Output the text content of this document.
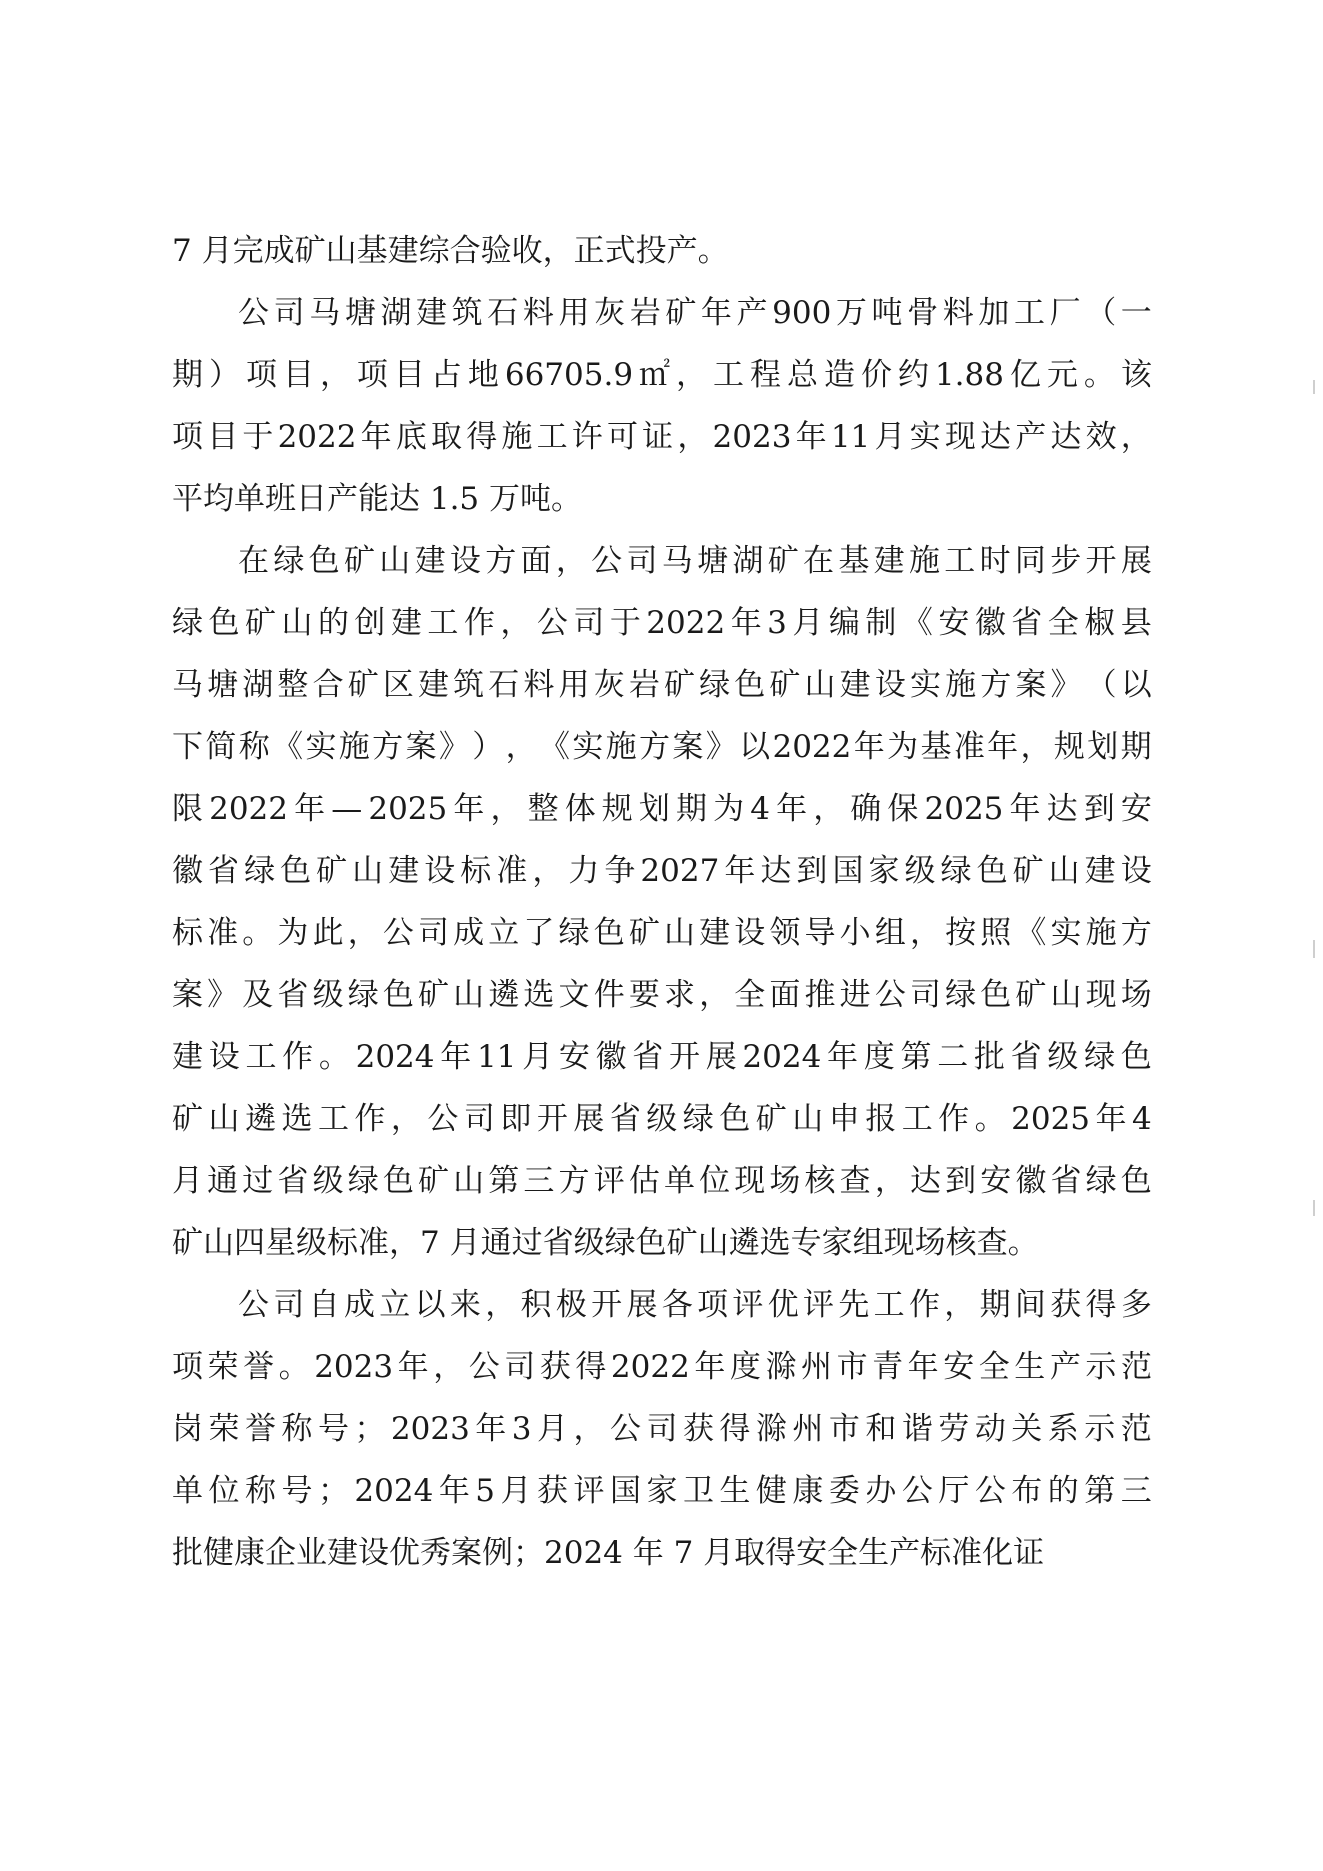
7 月完成矿山基建综合验收，正式投产。
公 司 马 塘 湖 建 筑 石 料 用 灰 岩 矿 年 产 900 万 吨 骨 料 加 工 厂 （ 一
期 ） 项 目 ， 项 目 占 地 66705.9 ㎡ ， 工 程 总 造 价 约 1.88 亿 元 。 该
项 目 于 2022 年 底 取 得 施 工 许 可 证 ， 2023 年 11 月 实 现 达 产 达 效 ，
平均单班日产能达 1.5 万吨。
在 绿 色 矿 山 建 设 方 面 ， 公 司 马 塘 湖 矿 在 基 建 施 工 时 同 步 开 展
绿 色 矿 山 的 创 建 工 作 ， 公 司 于 2022 年 3 月 编 制 《 安 徽 省 全 椒 县
马 塘 湖 整 合 矿 区 建 筑 石 料 用 灰 岩 矿 绿 色 矿 山 建 设 实 施 方 案 》 （ 以
下 简 称 《 实 施 方 案 》 ） ， 《 实 施 方 案 》 以 2022 年 为 基 准 年 ， 规 划 期
限 2022 年 — 2025 年 ， 整 体 规 划 期 为 4 年 ， 确 保 2025 年 达 到 安
徽 省 绿 色 矿 山 建 设 标 准 ， 力 争 2027 年 达 到 国 家 级 绿 色 矿 山 建 设
标 准 。 为 此 ， 公 司 成 立 了 绿 色 矿 山 建 设 领 导 小 组 ， 按 照 《 实 施 方
案 》 及 省 级 绿 色 矿 山 遴 选 文 件 要 求 ， 全 面 推 进 公 司 绿 色 矿 山 现 场
建 设 工 作 。 2024 年 11 月 安 徽 省 开 展 2024 年 度 第 二 批 省 级 绿 色
矿 山 遴 选 工 作 ， 公 司 即 开 展 省 级 绿 色 矿 山 申 报 工 作 。 2025 年 4
月 通 过 省 级 绿 色 矿 山 第 三 方 评 估 单 位 现 场 核 查 ， 达 到 安 徽 省 绿 色
矿山四星级标准，7 月通过省级绿色矿山遴选专家组现场核查。
公 司 自 成 立 以 来 ， 积 极 开 展 各 项 评 优 评 先 工 作 ， 期 间 获 得 多
项 荣 誉 。 2023 年 ， 公 司 获 得 2022 年 度 滁 州 市 青 年 安 全 生 产 示 范
岗 荣 誉 称 号 ； 2023 年 3 月 ， 公 司 获 得 滁 州 市 和 谐 劳 动 关 系 示 范
单 位 称 号 ； 2024 年 5 月 获 评 国 家 卫 生 健 康 委 办 公 厅 公 布 的 第 三
批健康企业建设优秀案例；2024 年 7 月取得安全生产标准化证
